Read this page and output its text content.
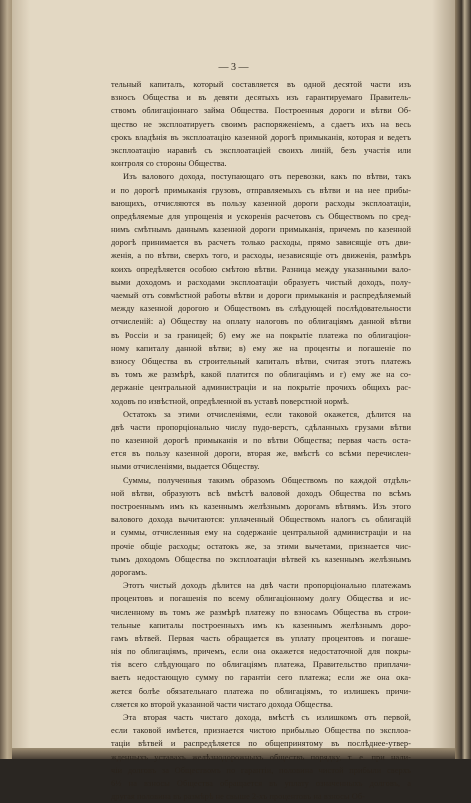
— 3 —
тельный капиталъ, который составляется въ одной десятой части изъ
взносъ Общества и въ девяти десятыхъ изъ гарантируемаго Правитель-
ствомъ облигаціоннаго займа Общества. Построенныя дороги и вѣтви Об-
щество не эксплоатируетъ своимъ распоряженіемъ, а сдаетъ ихъ на весь
срокъ владѣнія въ эксплоатацію казенной дорогѣ примыканія, которая и ведетъ
эксплоатацію наравнѣ съ эксплоатаціей своихъ линій, безъ участія или
контроля со стороны Общества.
Изъ валового дохода, поступающаго отъ перевозки, какъ по вѣтви, такъ
и по дорогѣ примыканія грузовъ, отправляемыхъ съ вѣтви и на нее прибы-
вающихъ, отчисляются въ пользу казенной дороги расходы эксплоатаціи,
опредѣляемые для упрощенія и ускоренія расчетовъ съ Обществомъ по сред-
нимъ смѣтнымъ даннымъ казенной дороги примыканія, причемъ по казенной
дорогѣ принимается въ расчетъ только расходы, прямо зависящіе отъ дви-
женія, а по вѣтви, сверхъ того, и расходы, независящіе отъ движенія, размѣръ
коихъ опредѣляется особою смѣтою вѣтви. Разница между указанными вало-
выми доходомъ и расходами эксплоатаціи образуетъ чистый доходъ, полу-
чаемый отъ совмѣстной работы вѣтви и дороги примыканія и распредѣляемый
между казенной дорогою и Обществомъ въ слѣдующей послѣдовательности
отчисленій: а) Обществу на оплату налоговъ по облигаціямъ данной вѣтви
въ Россіи и за границей; б) ему же на покрытіе платежа по облигаціон-
ному капиталу данной вѣтви; в) ему же на проценты и погашеніе по
взносу Общества въ строительный капиталъ вѣтви, считая этотъ платежъ
въ томъ же размѣрѣ, какой платится по облигаціямъ и г) ему же на со-
держаніе центральной администраціи и на покрытіе прочихъ общихъ рас-
ходовъ по извѣстной, опредѣленной въ уставѣ поверстной нормѣ.
Остатокъ за этими отчисленіями, если таковой окажется, дѣлится на
двѣ части пропорціонально числу пудо-верстъ, сдѣланныхъ грузами вѣтви
по казенной дорогѣ примыканія и по вѣтви Общества; первая часть оста-
ется въ пользу казенной дороги, вторая же, вмѣстѣ со всѣми перечислен-
ными отчисленіями, выдается Обществу.
Суммы, полученныя такимъ образомъ Обществомъ по каждой отдѣль-
ной вѣтви, образуютъ всѣ вмѣстѣ валовой доходъ Общества по всѣмъ
построеннымъ имъ къ казеннымъ желѣзнымъ дорогамъ вѣтвямъ. Изъ этого
валового дохода вычитаются: уплаченный Обществомъ налогъ съ облигацій
и суммы, отчисленныя ему на содержаніе центральной администраціи и на
прочіе общіе расходы; остатокъ же, за этими вычетами, признается чис-
тымъ доходомъ Общества по эксплоатаціи вѣтвей къ казеннымъ желѣзнымъ
дорогамъ.
Этотъ чистый доходъ дѣлится на двѣ части пропорціонально платежамъ
процентовъ и погашенія по всему облигаціонному долгу Общества и ис-
численному въ томъ же размѣрѣ платежу по взносамъ Общества въ строи-
тельные капиталы построенныхъ имъ къ казеннымъ желѣзнымъ доро-
гамъ вѣтвей. Первая часть обращается въ уплату процентовъ и погаше-
нія по облигаціямъ, причемъ, если она окажется недостаточной для покры-
тія всего слѣдующаго по облигаціямъ платежа, Правительство приплачи-
ваетъ недостающую сумму по гарантіи сего платежа; если же она ока-
жется болѣе обязательнаго платежа по облигаціямъ, то излишекъ причи-
сляется ко второй указанной части чистаго дохода Общества.
Эта вторая часть чистаго дохода, вмѣстѣ съ излишкомъ отъ первой,
если таковой имѣется, признается чистою прибылью Общества по эксплоа-
таціи вѣтвей и распредѣляется по общепринятому въ послѣднее-утвер-
жденныхъ уставахъ желѣзнодорожныхъ обществъ порядку, т. е. при нали-
чіи долговъ за Обществомъ по гарантіи, половина чистой прибыли сверхъ
6½ на взносы Общества обращается въ уплату означенныхъ долговъ, а
другая половина въ размѣрѣ не свыше 2-хъ процентовъ на взносы Об-
